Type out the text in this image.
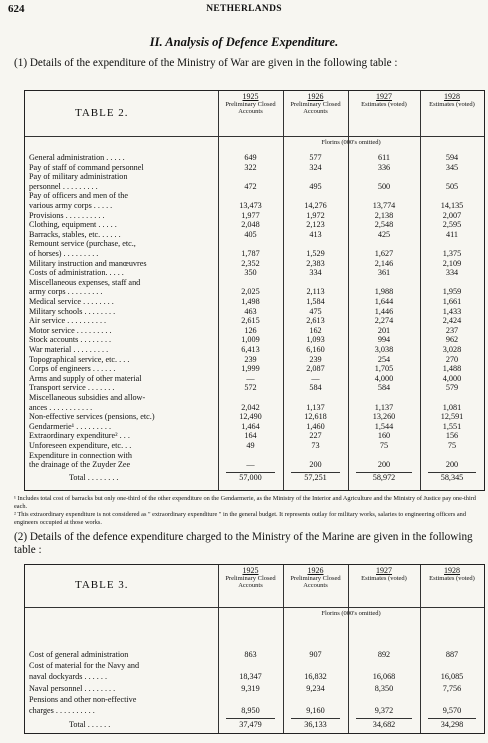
624	NETHERLANDS
II. Analysis of Defence Expenditure.
(1) Details of the expenditure of the Ministry of War are given in the following table :
TABLE 2.
1925
Preliminary Closed Accounts
1926
Preliminary Closed Accounts
1927
Estimates (voted)
1928
Estimates (voted)
Florins (000's omitted)
General administration . . . . .	649	577	611	594
Pay of staff of command personnel	322	324	336	345
Pay of military administration
personnel . . . . . . . . .	472	495	500	505
Pay of officers and men of the
various army corps . . . . .	13,473	14,276	13,774	14,135
Provisions . . . . . . . . . .	1,977	1,972	2,138	2,007
Clothing, equipment . . . . .	2,048	2,123	2,548	2,595
Barracks, stables, etc. . . . . .	405	413	425	411
Remount service (purchase, etc.,
of horses) . . . . . . . . .	1,787	1,529	1,627	1,375
Military instruction and manœuvres	2,352	2,383	2,146	2,109
Costs of administration. . . . .	350	334	361	334
Miscellaneous expenses, staff and
army corps . . . . . . . . .	2,025	2,113	1,988	1,959
Medical service . . . . . . . .	1,498	1,584	1,644	1,661
Military schools . . . . . . . .	463	475	1,446	1,433
Air service . . . . . . . . . .	2,615	2,613	2,274	2,424
Motor service . . . . . . . . .	126	162	201	237
Stock accounts . . . . . . . .	1,009	1,093	994	962
War material . . . . . . . . .	6,413	6,160	3,038	3,028
Topographical service, etc. . . .	239	239	254	270
Corps of engineers . . . . . .	1,999	2,087	1,705	1,488
Arms and supply of other material	—	—	4,000	4,000
Transport service . . . . . . .	572	584	584	579
Miscellaneous subsidies and allow-
ances . . . . . . . . . . .	2,042	1,137	1,137	1,081
Non-effective services (pensions, etc.)	12,490	12,618	13,260	12,591
Gendarmerie¹ . . . . . . . . .	1,464	1,460	1,544	1,551
Extraordinary expenditure² . . .	164	227	160	156
Unforeseen expenditure, etc. . .	49	73	75	75
Expenditure in connection with
the drainage of the Zuyder Zee	—	200	200	200
Total . . . . . . . .	57,000	57,251	58,972	58,345
¹ Includes total cost of barracks but only one-third of the other expenditure on the Gendarmerie, as the Ministry of the Interior and Agriculture and the Ministry of Justice pay one-third each.
² This extraordinary expenditure is not considered as " extraordinary expenditure " in the general budget. It represents outlay for military works, salaries to engineering officers and engineers occupied at those works.
(2) Details of the defence expenditure charged to the Ministry of the Marine are given in the following table :
TABLE 3.
1925
Preliminary Closed Accounts
1926
Preliminary Closed Accounts
1927
Estimates (voted)
1928
Estimates (voted)
Florins (000's omitted)
Cost of general administration	863	907	892	887
Cost of material for the Navy and
naval dockyards . . . . . .	18,347	16,832	16,068	16,085
Naval personnel . . . . . . . .	9,319	9,234	8,350	7,756
Pensions and other non-effective
charges . . . . . . . . . .	8,950	9,160	9,372	9,570
Total . . . . . .	37,479	36,133	34,682	34,298
